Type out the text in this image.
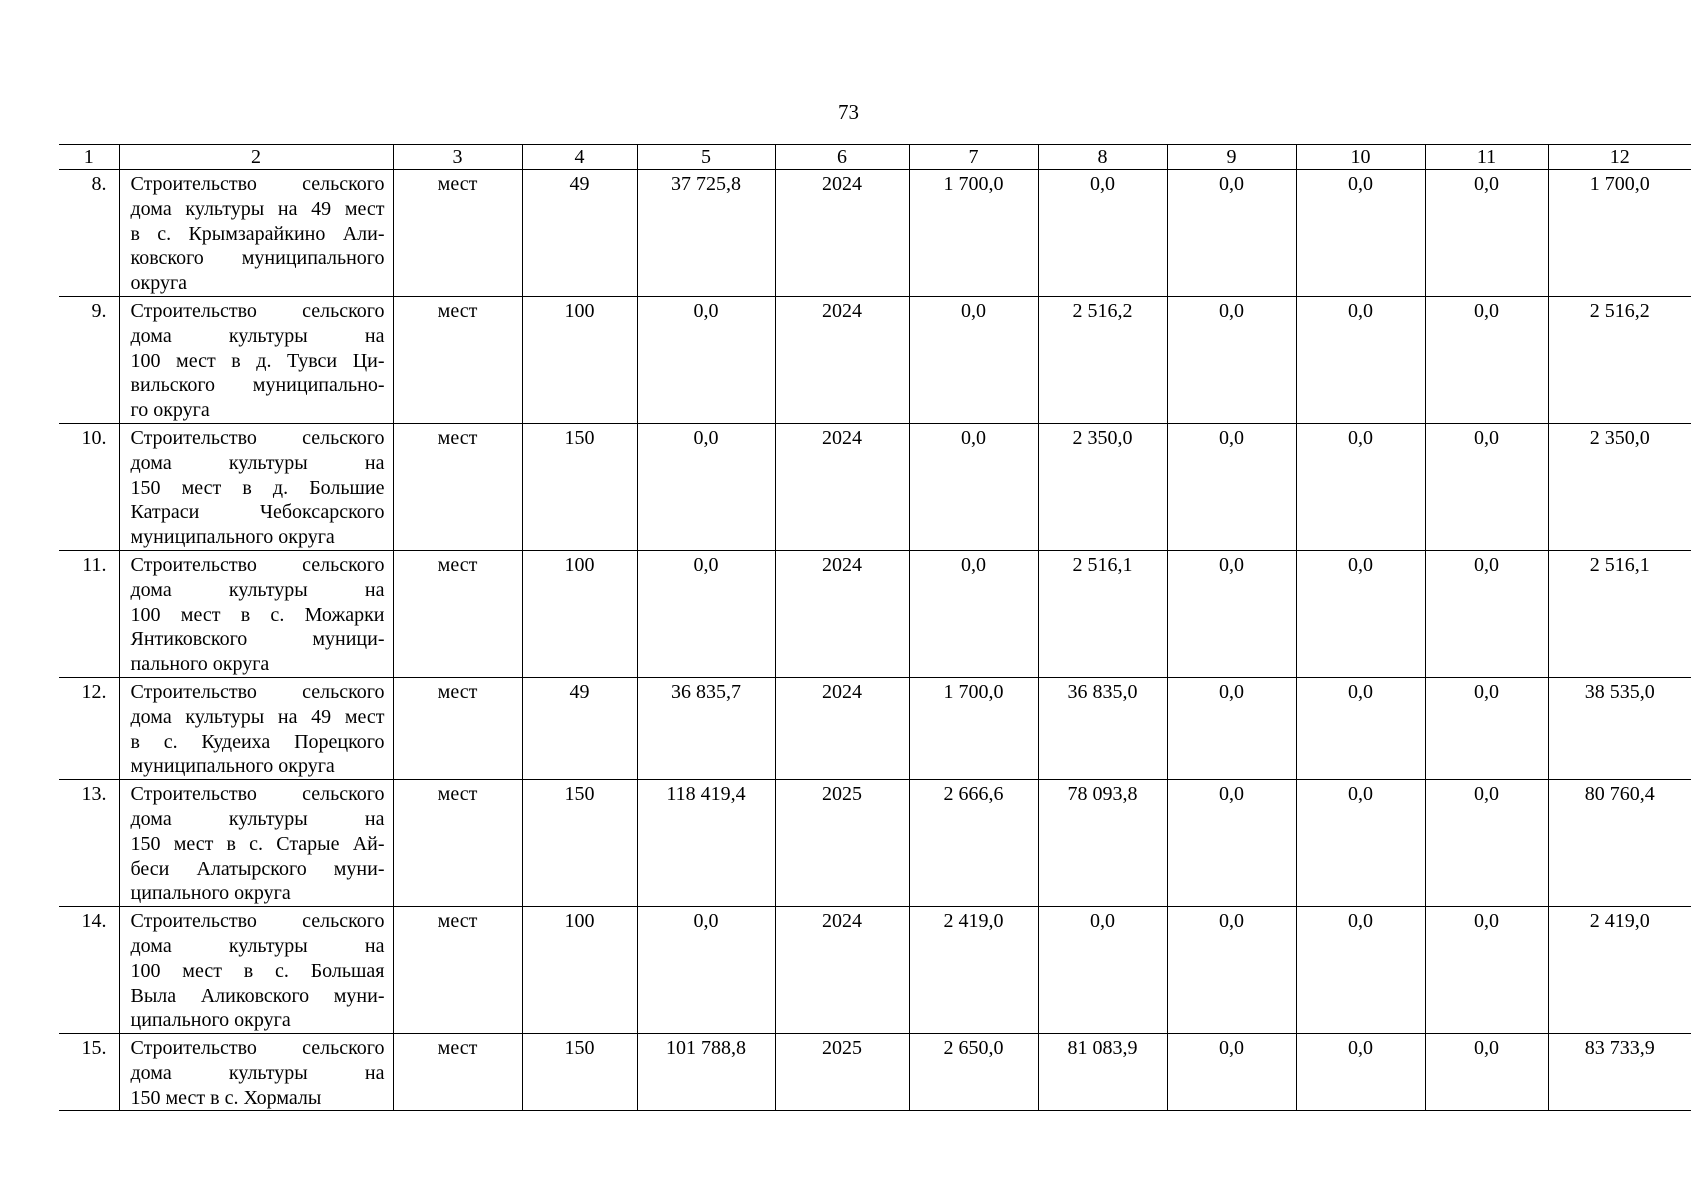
73
1	2	3	4	5	6	7	8	9	10	11	12
8.	Строительство сельского
дома культуры на 49 мест
в с. Крымзарайкино Али-
ковского муниципального
округа	мест	49	37 725,8	2024	1 700,0	0,0	0,0	0,0	0,0	1 700,0
9.	Строительство сельского
дома культуры на
100 мест в д. Тувси Ци-
вильского муниципально-
го округа	мест	100	0,0	2024	0,0	2 516,2	0,0	0,0	0,0	2 516,2
10.	Строительство сельского
дома культуры на
150 мест в д. Большие
Катраси Чебоксарского
муниципального округа	мест	150	0,0	2024	0,0	2 350,0	0,0	0,0	0,0	2 350,0
11.	Строительство сельского
дома культуры на
100 мест в с. Можарки
Янтиковского муници-
пального округа	мест	100	0,0	2024	0,0	2 516,1	0,0	0,0	0,0	2 516,1
12.	Строительство сельского
дома культуры на 49 мест
в с. Кудеиха Порецкого
муниципального округа	мест	49	36 835,7	2024	1 700,0	36 835,0	0,0	0,0	0,0	38 535,0
13.	Строительство сельского
дома культуры на
150 мест в с. Старые Ай-
беси Алатырского муни-
ципального округа	мест	150	118 419,4	2025	2 666,6	78 093,8	0,0	0,0	0,0	80 760,4
14.	Строительство сельского
дома культуры на
100 мест в с. Большая
Выла Аликовского муни-
ципального округа	мест	100	0,0	2024	2 419,0	0,0	0,0	0,0	0,0	2 419,0
15.	Строительство сельского
дома культуры на
150 мест в с. Хормалы	мест	150	101 788,8	2025	2 650,0	81 083,9	0,0	0,0	0,0	83 733,9
